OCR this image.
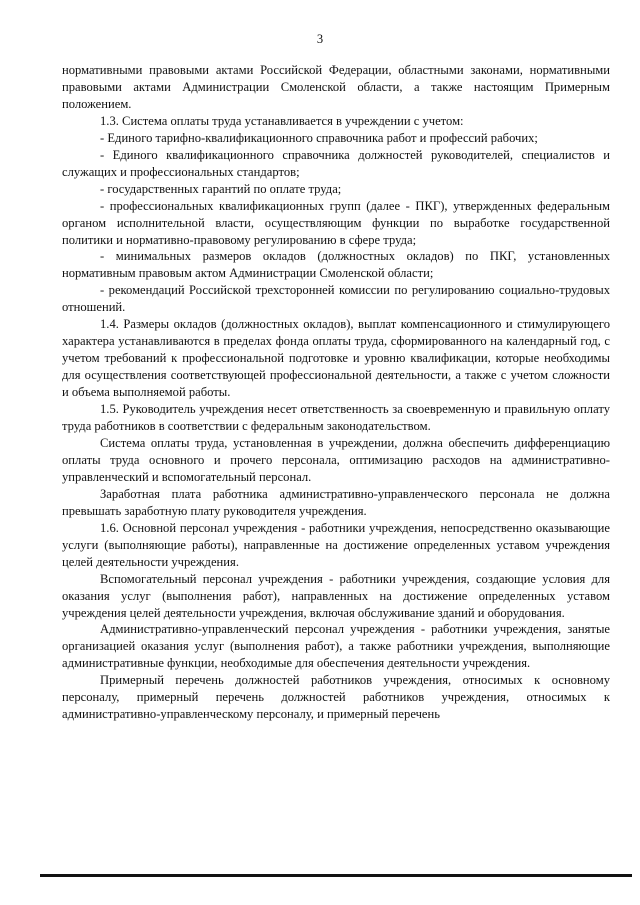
3

нормативными правовыми актами Российской Федерации, областными законами, нормативными правовыми актами Администрации Смоленской области, а также настоящим Примерным положением.

1.3. Система оплаты труда устанавливается в учреждении с учетом:

- Единого тарифно-квалификационного справочника работ и профессий рабочих;

- Единого квалификационного справочника должностей руководителей, специалистов и служащих и профессиональных стандартов;

- государственных гарантий по оплате труда;

- профессиональных квалификационных групп (далее - ПКГ), утвержденных федеральным органом исполнительной власти, осуществляющим функции по выработке государственной политики и нормативно-правовому регулированию в сфере труда;

- минимальных размеров окладов (должностных окладов) по ПКГ, установленных нормативным правовым актом Администрации Смоленской области;

- рекомендаций Российской трехсторонней комиссии по регулированию социально-трудовых отношений.

1.4. Размеры окладов (должностных окладов), выплат компенсационного и стимулирующего характера устанавливаются в пределах фонда оплаты труда, сформированного на календарный год, с учетом требований к профессиональной подготовке и уровню квалификации, которые необходимы для осуществления соответствующей профессиональной деятельности, а также с учетом сложности и объема выполняемой работы.

1.5. Руководитель учреждения несет ответственность за своевременную и правильную оплату труда работников в соответствии с федеральным законодательством.

Система оплаты труда, установленная в учреждении, должна обеспечить дифференциацию оплаты труда основного и прочего персонала, оптимизацию расходов на административно-управленческий и вспомогательный персонал.

Заработная плата работника административно-управленческого персонала не должна превышать заработную плату руководителя учреждения.

1.6. Основной персонал учреждения - работники учреждения, непосредственно оказывающие услуги (выполняющие работы), направленные на достижение определенных уставом учреждения целей деятельности учреждения.

Вспомогательный персонал учреждения - работники учреждения, создающие условия для оказания услуг (выполнения работ), направленных на достижение определенных уставом учреждения целей деятельности учреждения, включая обслуживание зданий и оборудования.

Административно-управленческий персонал учреждения - работники учреждения, занятые организацией оказания услуг (выполнения работ), а также работники учреждения, выполняющие административные функции, необходимые для обеспечения деятельности учреждения.

Примерный перечень должностей работников учреждения, относимых к основному персоналу, примерный перечень должностей работников учреждения, относимых к административно-управленческому персоналу, и примерный перечень
